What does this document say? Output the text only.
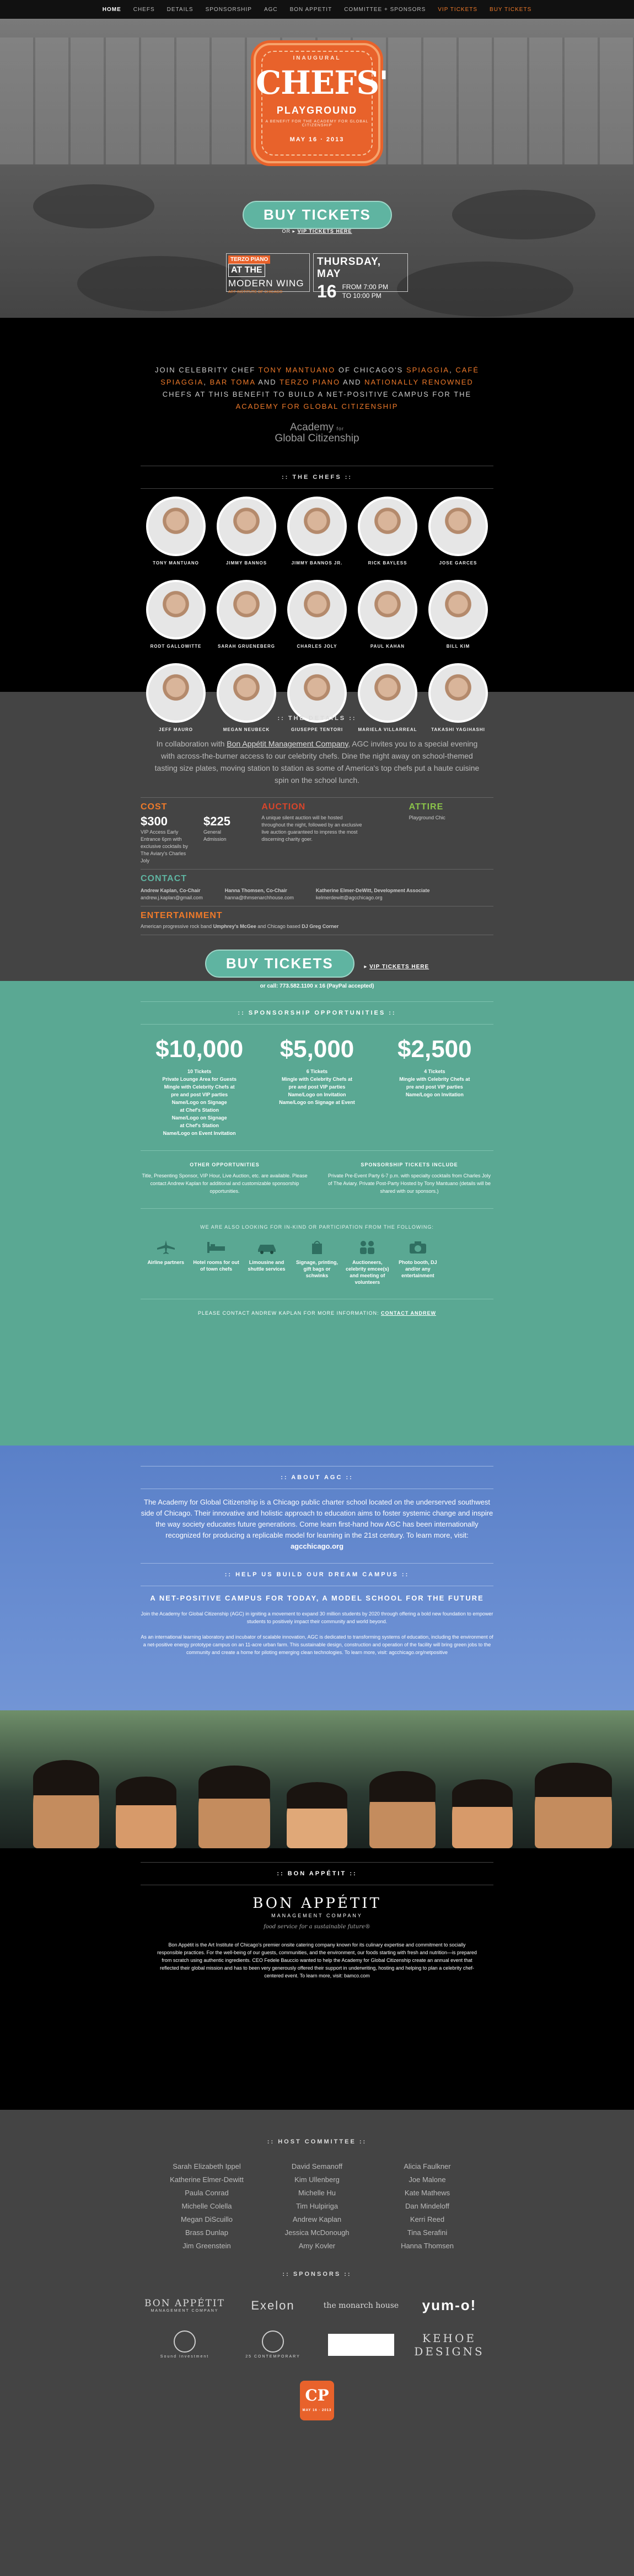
HOME CHEFS DETAILS SPONSORSHIP AGC BON APPETIT COMMITTEE + SPONSORS VIP TICKETS BUY TICKETS
INAUGURAL
CHEFS'
PLAYGROUND
A BENEFIT FOR THE ACADEMY FOR GLOBAL CITIZENSHIP
MAY 16 · 2013
BUY TICKETS
OR ▸ VIP TICKETS HERE
TERZO PIANO AT THE
MODERN WING
ART INSTITUTE OF CHICAGO
THURSDAY, MAY
16 FROM 7:00 PM
TO 10:00 PM

JOIN CELEBRITY CHEF TONY MANTUANO OF CHICAGO'S SPIAGGIA, CAFÉ SPIAGGIA, BAR TOMA AND TERZO PIANO AND NATIONALLY RENOWNED CHEFS AT THIS BENEFIT TO BUILD A NET-POSITIVE CAMPUS FOR THE ACADEMY FOR GLOBAL CITIZENSHIP

Academy for
Global Citizenship
:: THE CHEFS ::
TONY MANTUANO	JIMMY BANNOS	JIMMY BANNOS JR.	RICK BAYLESS	JOSE GARCES
RODT GALLOWITTE	SARAH GRUENEBERG	CHARLES JOLY	PAUL KAHAN	BILL KIM
JEFF MAURO	MEGAN NEUBECK	GIUSEPPE TENTORI	MARIELA VILLARREAL	TAKASHI YAGIHASHI
:: THE DETAILS ::
In collaboration with Bon Appétit Management Company, AGC invites you to a special evening with across-the-burner access to our celebrity chefs. Dine the night away on school-themed tasting size plates, moving station to station as some of America's top chefs put a haute cuisine spin on the school lunch.
COST
$300
VIP Access Early Entrance 6pm with exclusive cocktails by The Aviary's Charles Joly
$225
General Admission
AUCTION
A unique silent auction will be hosted throughout the night, followed by an exclusive live auction guaranteed to impress the most discerning charity goer.
ATTIRE
Playground Chic
CONTACT
Andrew Kaplan, Co-Chair
andrew.j.kaplan@gmail.com
Hanna Thomsen, Co-Chair
hanna@thmsenarchhouse.com
Katherine Elmer-DeWitt, Development Associate
kelmerdewitt@agcchicago.org
ENTERTAINMENT
American progressive rock band Umphrey's McGee and Chicago based DJ Greg Corner
BUY TICKETS	▸ VIP TICKETS HERE
or call: 773.582.1100 x 16 (PayPal accepted)
:: SPONSORSHIP OPPORTUNITIES ::
$10,000
10 Tickets
Private Lounge Area for Guests
Mingle with Celebrity Chefs at
pre and post VIP parties
Name/Logo on Signage
at Chef's Station
Name/Logo on Signage
at Chef's Station
Name/Logo on Event Invitation
$5,000
6 Tickets
Mingle with Celebrity Chefs at
pre and post VIP parties
Name/Logo on Invitation
Name/Logo on Signage at Event
$2,500
4 Tickets
Mingle with Celebrity Chefs at
pre and post VIP parties
Name/Logo on Invitation
OTHER OPPORTUNITIES
Title, Presenting Sponsor, VIP Hour, Live Auction, etc. are available. Please contact Andrew Kaplan for additional and customizable sponsorship opportunities.
SPONSORSHIP TICKETS INCLUDE
Private Pre-Event Party 6-7 p.m. with specialty cocktails from Charles Joly of The Aviary. Private Post-Party Hosted by Tony Mantuano (details will be shared with our sponsors.)
WE ARE ALSO LOOKING FOR IN-KIND OR PARTICIPATION FROM THE FOLLOWING:
Airline partners	Hotel rooms for out of town chefs
Limousine and shuttle services
Signage, printing, gift bags or schwinks
Auctioneers, celebrity emcee(s) and meeting of volunteers
Photo booth, DJ and/or any entertainment
PLEASE CONTACT ANDREW KAPLAN FOR MORE INFORMATION: CONTACT ANDREW
:: ABOUT AGC ::
The Academy for Global Citizenship is a Chicago public charter school located on the underserved southwest side of Chicago. Their innovative and holistic approach to education aims to foster systemic change and inspire the way society educates future generations. Come learn first-hand how AGC has been internationally recognized for producing a replicable model for learning in the 21st century. To learn more, visit: agcchicago.org
:: HELP US BUILD OUR DREAM CAMPUS ::
A NET-POSITIVE CAMPUS FOR TODAY, A MODEL SCHOOL FOR THE FUTURE
Join the Academy for Global Citizenship (AGC) in igniting a movement to expand 30 million students by 2020 through offering a bold new foundation to empower students to positively impact their community and world beyond.
As an international learning laboratory and incubator of scalable innovation, AGC is dedicated to transforming systems of education, including the environment of a net-positive energy prototype campus on an 11-acre urban farm. This sustainable design, construction and operation of the facility will bring green jobs to the community and create a home for piloting emerging clean technologies. To learn more, visit: agcchicago.org/netpositive
:: BON APPÉTIT ::
BON APPÉTIT
MANAGEMENT COMPANY
food service for a sustainable future®
Bon Appétit is the Art Institute of Chicago's premier onsite catering company known for its culinary expertise and commitment to socially responsible practices. For the well-being of our guests, communities, and the environment, our foods starting with fresh and nutrition—is prepared from scratch using authentic ingredients. CEO Fedele Bauccio wanted to help the Academy for Global Citizenship create an annual event that reflected their global mission and has to been very generously offered their support in underwriting, hosting and helping to plan a celebrity chef-centered event. To learn more, visit: bamco.com
:: HOST COMMITTEE ::
Sarah Elizabeth Ippel	David Semanoff	Alicia Faulkner
Katherine Elmer-Dewitt	Kim Ullenberg	Joe Malone
Paula Conrad	Michelle Hu	Kate Mathews
Michelle Colella	Tim Hulpiriga	Dan Mindeloff
Megan DiScuillo	Andrew Kaplan	Kerri Reed
Brass Dunlap	Jessica McDonough	Tina Serafini
Jim Greenstein	Amy Kovler	Hanna Thomsen
:: SPONSORS ::
BON APPÉTIT
MANAGEMENT COMPANY	Exelon	the monarch house	yum-o!
Sound Investment	25 CONTEMPORARY
KEHOE DESIGNS
CP
MAY 16 · 2013
